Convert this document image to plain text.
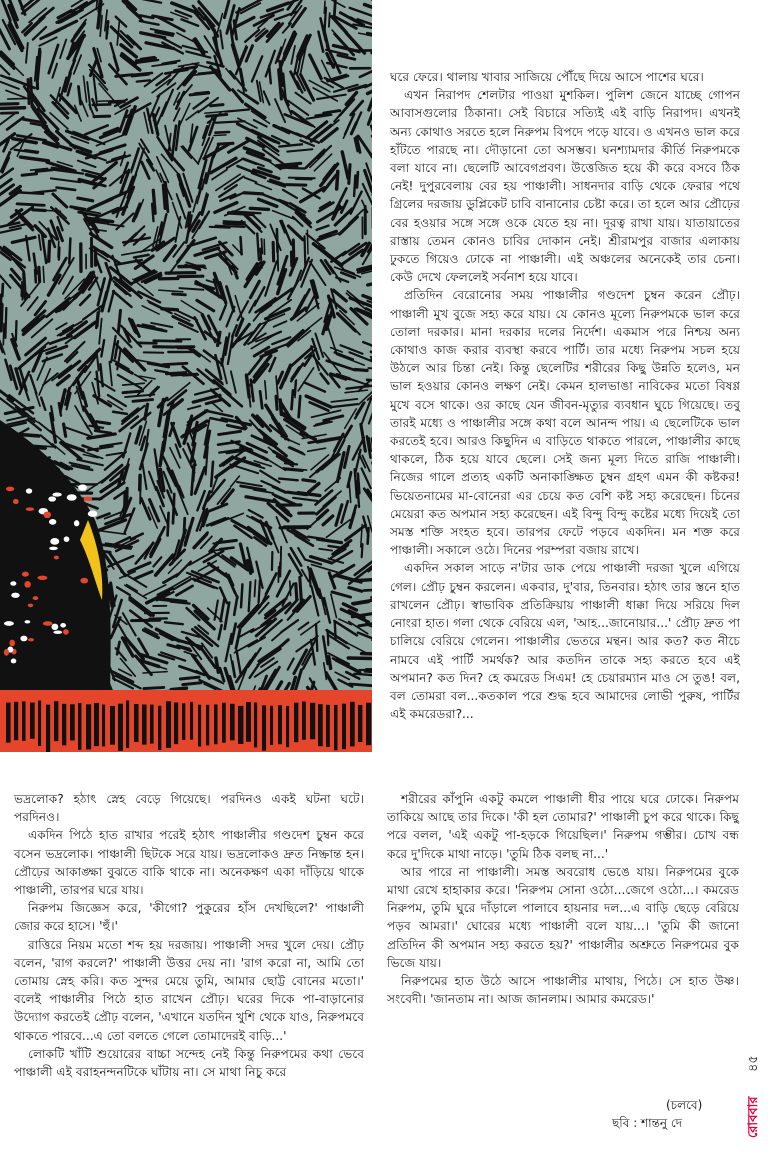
ঘরে ফেরে। থালায় খাবার সাজিয়ে পৌঁছে দিয়ে আসে পাশের ঘরে।

এখন নিরাপদ শেলটার পাওয়া মুশকিল। পুলিশ জেনে যাচ্ছে গোপন আবাসগুলোর ঠিকানা। সেই বিচারে সত্যিই এই বাড়ি নিরাপদ। এখনই অন্য কোথাও সরতে হলে নিরুপম বিপদে পড়ে যাবে। ও এখনও ভাল করে হাঁটতে পারছে না। দৌড়ানো তো অসম্ভব। ঘনশ্যামদার কীর্তি নিরুপমকে বলা যাবে না। ছেলেটি আবেগপ্রবণ। উত্তেজিত হয়ে কী করে বসবে ঠিক নেই! দুপুরবেলায় বের হয় পাঞ্চালী। সাধনদার বাড়ি থেকে ফেরার পথে গ্রিলের দরজায় ডুপ্লিকেট চাবি বানানোর চেষ্টা করে। তা হলে আর প্রৌঢ়ের বের হওয়ার সঙ্গে সঙ্গে ওকে যেতে হয় না। দূরত্ব রাখা যায়। যাতায়াতের রাস্তায় তেমন কোনও চাবির দোকান নেই। শ্রীরামপুর বাজার এলাকায় ঢুকতে গিয়েও ঢোকে না পাঞ্চালী। এই অঞ্চলের অনেকেই তার চেনা। কেউ দেখে ফেললেই সর্বনাশ হয়ে যাবে।

প্রতিদিন বেরোনোর সময় পাঞ্চালীর গণ্ডদেশ চুম্বন করেন প্রৌঢ়। পাঞ্চালী মুখ বুজে সহ্য করে যায়। যে কোনও মূল্যে নিরুপমকে ভাল করে তোলা দরকার। মানা দরকার দলের নির্দেশ। একমাস পরে নিশ্চয় অন্য কোথাও কাজ করার ব্যবস্থা করবে পার্টি। তার মধ্যে নিরুপম সচল হয়ে উঠলে আর চিন্তা নেই। কিন্তু ছেলেটির শরীরের কিছু উন্নতি হলেও, মন ভাল হওয়ার কোনও লক্ষণ নেই। কেমন হালভাঙা নাবিকের মতো বিষণ্ণ মুখে বসে থাকে। ওর কাছে যেন জীবন-মৃত্যুর ব্যবধান ঘুচে গিয়েছে। তবু তারই মধ্যে ও পাঞ্চালীর সঙ্গে কথা বলে আনন্দ পায়। এ ছেলেটিকে ভাল করতেই হবে। আরও কিছুদিন এ বাড়িতে থাকতে পারলে, পাঞ্চালীর কাছে থাকলে, ঠিক হয়ে যাবে ছেলে। সেই জন্য মূল্য দিতে রাজি পাঞ্চালী। নিজের গালে প্রত্যহ একটি অনাকাঙ্ক্ষিত চুম্বন গ্রহণ এমন কী কষ্টকর! ভিয়েতনামের মা-বোনেরা এর চেয়ে কত বেশি কষ্ট সহ্য করেছেন। চিনের মেয়েরা কত অপমান সহ্য করেছেন। এই বিন্দু বিন্দু কষ্টের মধ্যে দিয়েই তো সমস্ত শক্তি সংহত হবে। তারপর ফেটে পড়বে একদিন। মন শক্ত করে পাঞ্চালী। সকালে ওঠে। দিনের পরম্পরা বজায় রাখে।

একদিন সকাল সাড়ে ন'টার ডাক পেয়ে পাঞ্চালী দরজা খুলে এগিয়ে গেল। প্রৌঢ় চুম্বন করলেন। একবার, দু'বার, তিনবার। হঠাৎ তার স্তনে হাত রাখলেন প্রৌঢ়। স্বাভাবিক প্রতিক্রিয়ায় পাঞ্চালী ধাক্কা দিয়ে সরিয়ে দিল নোংরা হাত। গলা থেকে বেরিয়ে এল, 'আহ...জানোয়ার...' প্রৌঢ় দ্রুত পা চালিয়ে বেরিয়ে গেলেন। পাঞ্চালীর ভেতরে মন্থন। আর কত? কত নীচে নামবে এই পার্টি সমর্থক? আর কতদিন তাকে সহ্য করতে হবে এই অপমান? কত দিন? হে কমরেড সিএম! হে চেয়ারম্যান মাও সে তুঙ! বল, বল তোমরা বল...কতকাল পরে শুদ্ধ হবে আমাদের লোভী পুরুষ, পার্টির এই কমরেডরা?...

ভদ্রলোক? হঠাৎ স্নেহ বেড়ে গিয়েছে। পরদিনও একই ঘটনা ঘটে। পরদিনও।

একদিন পিঠে হাত রাখার পরেই হঠাৎ পাঞ্চালীর গণ্ডদেশ চুম্বন করে বসেন ভদ্রলোক। পাঞ্চালী ছিটকে সরে যায়। ভদ্রলোকও দ্রুত নিষ্ক্রান্ত হন। প্রৌঢ়ের আকাঙ্ক্ষা বুঝতে বাকি থাকে না। অনেকক্ষণ একা দাঁড়িয়ে থাকে পাঞ্চালী, তারপর ঘরে যায়।

নিরুপম জিজ্ঞেস করে, 'কীগো? পুকুরের হাঁস দেখছিলে?' পাঞ্চালী জোর করে হাসে। 'হুঁ।'

রাত্তিরে নিয়ম মতো শব্দ হয় দরজায়। পাঞ্চালী সদর খুলে দেয়। প্রৌঢ় বলেন, 'রাগ করলে?' পাঞ্চালী উত্তর দেয় না। 'রাগ করো না, আমি তো তোমায় স্নেহ করি। কত সুন্দর মেয়ে তুমি, আমার ছোট্ট বোনের মতো।' বলেই পাঞ্চালীর পিঠে হাত রাখেন প্রৌঢ়। ঘরের দিকে পা-বাড়ানোর উদ্যোগ করতেই প্রৌঢ় বলেন, 'এখানে যতদিন খুশি থেকে যাও, নিরুপমবে থাকতে পারবে...এ তো বলতে গেলে তোমাদেরই বাড়ি...'

লোকটি খাঁটি শুয়োরের বাচ্চা সন্দেহ নেই কিন্তু নিরুপমের কথা ভেবে পাঞ্চালী এই বরাহনন্দনটিকে ঘাঁটায় না। সে মাথা নিচু করে

শরীরের কাঁপুনি একটু কমলে পাঞ্চালী ধীর পায়ে ঘরে ঢোকে। নিরুপম তাকিয়ে আছে তার দিকে। 'কী হল তোমার?' পাঞ্চালী চুপ করে থাকে। কিছু পরে বলল, 'এই একটু পা-হড়কে গিয়েছিল।' নিরুপম গম্ভীর। চোখ বন্ধ করে দু'দিকে মাথা নাড়ে। 'তুমি ঠিক বলছ না...'

আর পারে না পাঞ্চালী। সমস্ত অবরোধ ভেঙে যায়। নিরুপমের বুকে মাথা রেখে হাহাকার করে। 'নিরুপম সোনা ওঠো...জেগে ওঠো...। কমরেড নিরুপম, তুমি ঘুরে দাঁড়ালে পালাবে হায়নার দল...এ বাড়ি ছেড়ে বেরিয়ে পড়ব আমরা।' ঘোরের মধ্যে পাঞ্চালী বলে যায়...। 'তুমি কী জানো প্রতিদিন কী অপমান সহ্য করতে হয়?' পাঞ্চালীর অশ্রুতে নিরুপমের বুক ভিজে যায়।

নিরুপমের হাত উঠে আসে পাঞ্চালীর মাথায়, পিঠে। সে হাত উষ্ণ। সংবেদী। 'জানতাম না। আজ জানলাম। আমার কমরেড।'

(চলবে)
ছবি : শান্তনু দে	রোববার
৪৫
